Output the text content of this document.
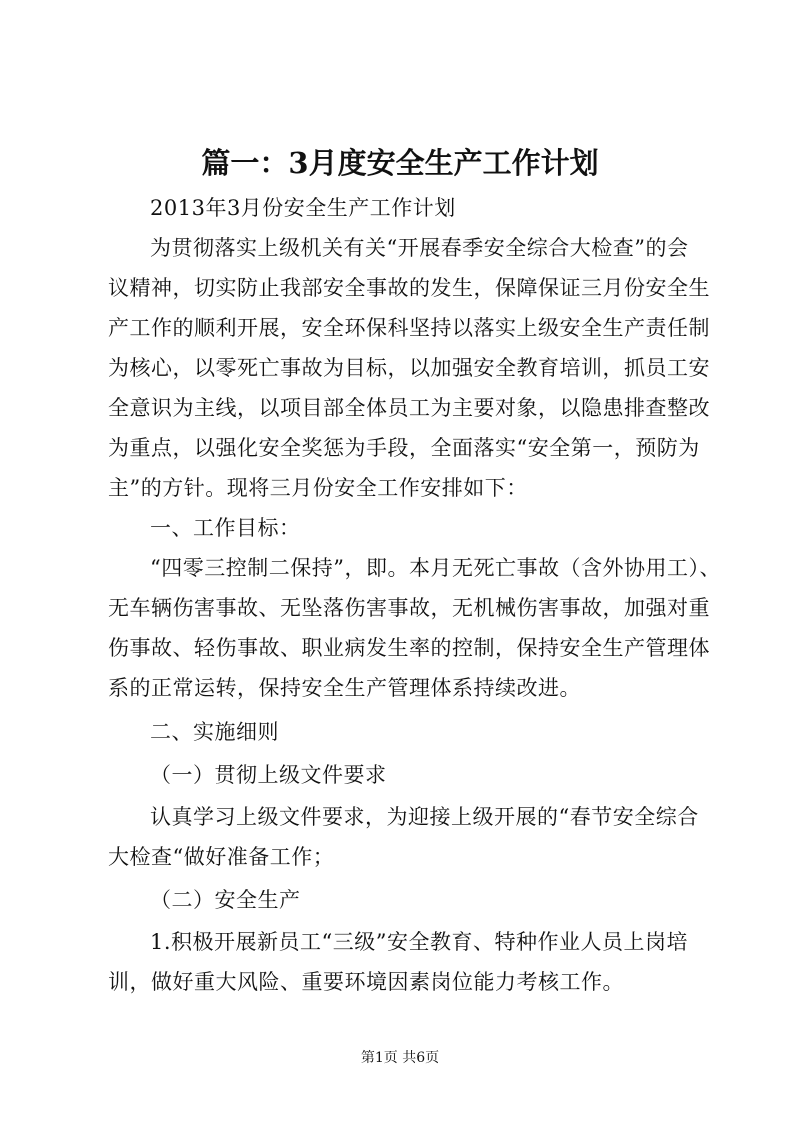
篇一：3月度安全生产工作计划
2013年3月份安全生产工作计划
为贯彻落实上级机关有关“开展春季安全综合大检查”的会
议精神，切实防止我部安全事故的发生，保障保证三月份安全生
产工作的顺利开展，安全环保科坚持以落实上级安全生产责任制
为核心，以零死亡事故为目标，以加强安全教育培训，抓员工安
全意识为主线，以项目部全体员工为主要对象，以隐患排查整改
为重点，以强化安全奖惩为手段，全面落实“安全第一，预防为
主”的方针。现将三月份安全工作安排如下：
一、工作目标：
“四零三控制二保持”，即。本月无死亡事故（含外协用工）、
无车辆伤害事故、无坠落伤害事故，无机械伤害事故，加强对重
伤事故、轻伤事故、职业病发生率的控制，保持安全生产管理体
系的正常运转，保持安全生产管理体系持续改进。
二、实施细则
（一）贯彻上级文件要求
认真学习上级文件要求，为迎接上级开展的“春节安全综合
大检查“做好准备工作；
（二）安全生产
1.积极开展新员工“三级”安全教育、特种作业人员上岗培
训，做好重大风险、重要环境因素岗位能力考核工作。
第1页 共6页
